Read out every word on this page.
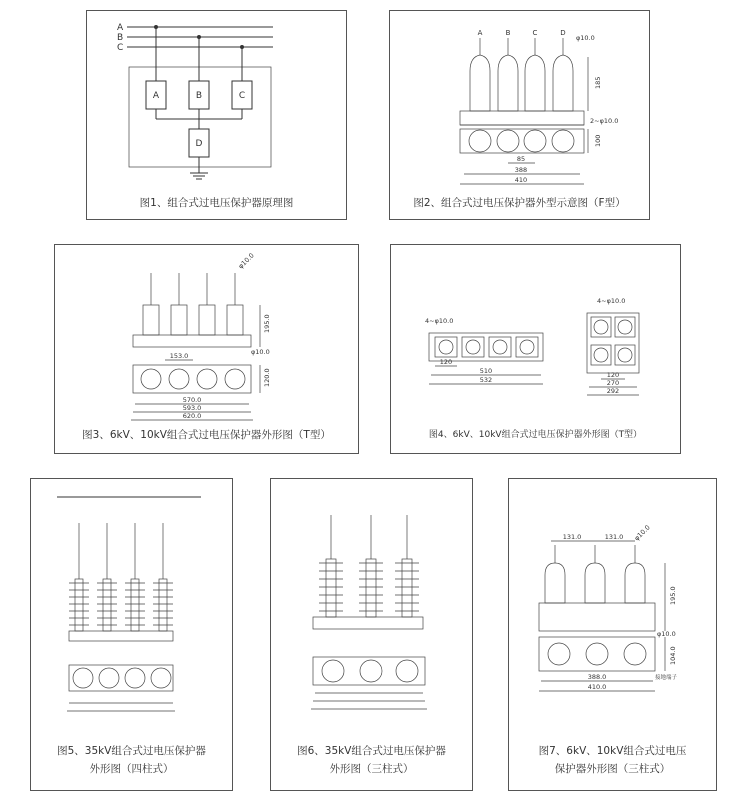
A
B
C
A	B	C
D
图1、组合式过电压保护器原理图
A	B	C	D
φ10.0
185
2~φ10.0
100
85
388
410
图2、组合式过电压保护器外型示意图（F型）
φ10.0
195.0
φ10.0
153.0
120.0
570.0
593.0
620.0
图3、6kV、10kV组合式过电压保护器外形图（T型）
4~φ10.0
120
510
532
4~φ10.0
120
270
292
图4、6kV、10kV组合式过电压保护器外形图（T型）
图5、35kV组合式过电压保护器
外形图（四柱式）
图6、35kV组合式过电压保护器
外形图（三柱式）
131.0	131.0 φ10.0
195.0
φ10.0
104.0
388.0
410.0
接地端子
图7、6kV、10kV组合式过电压
保护器外形图（三柱式）
